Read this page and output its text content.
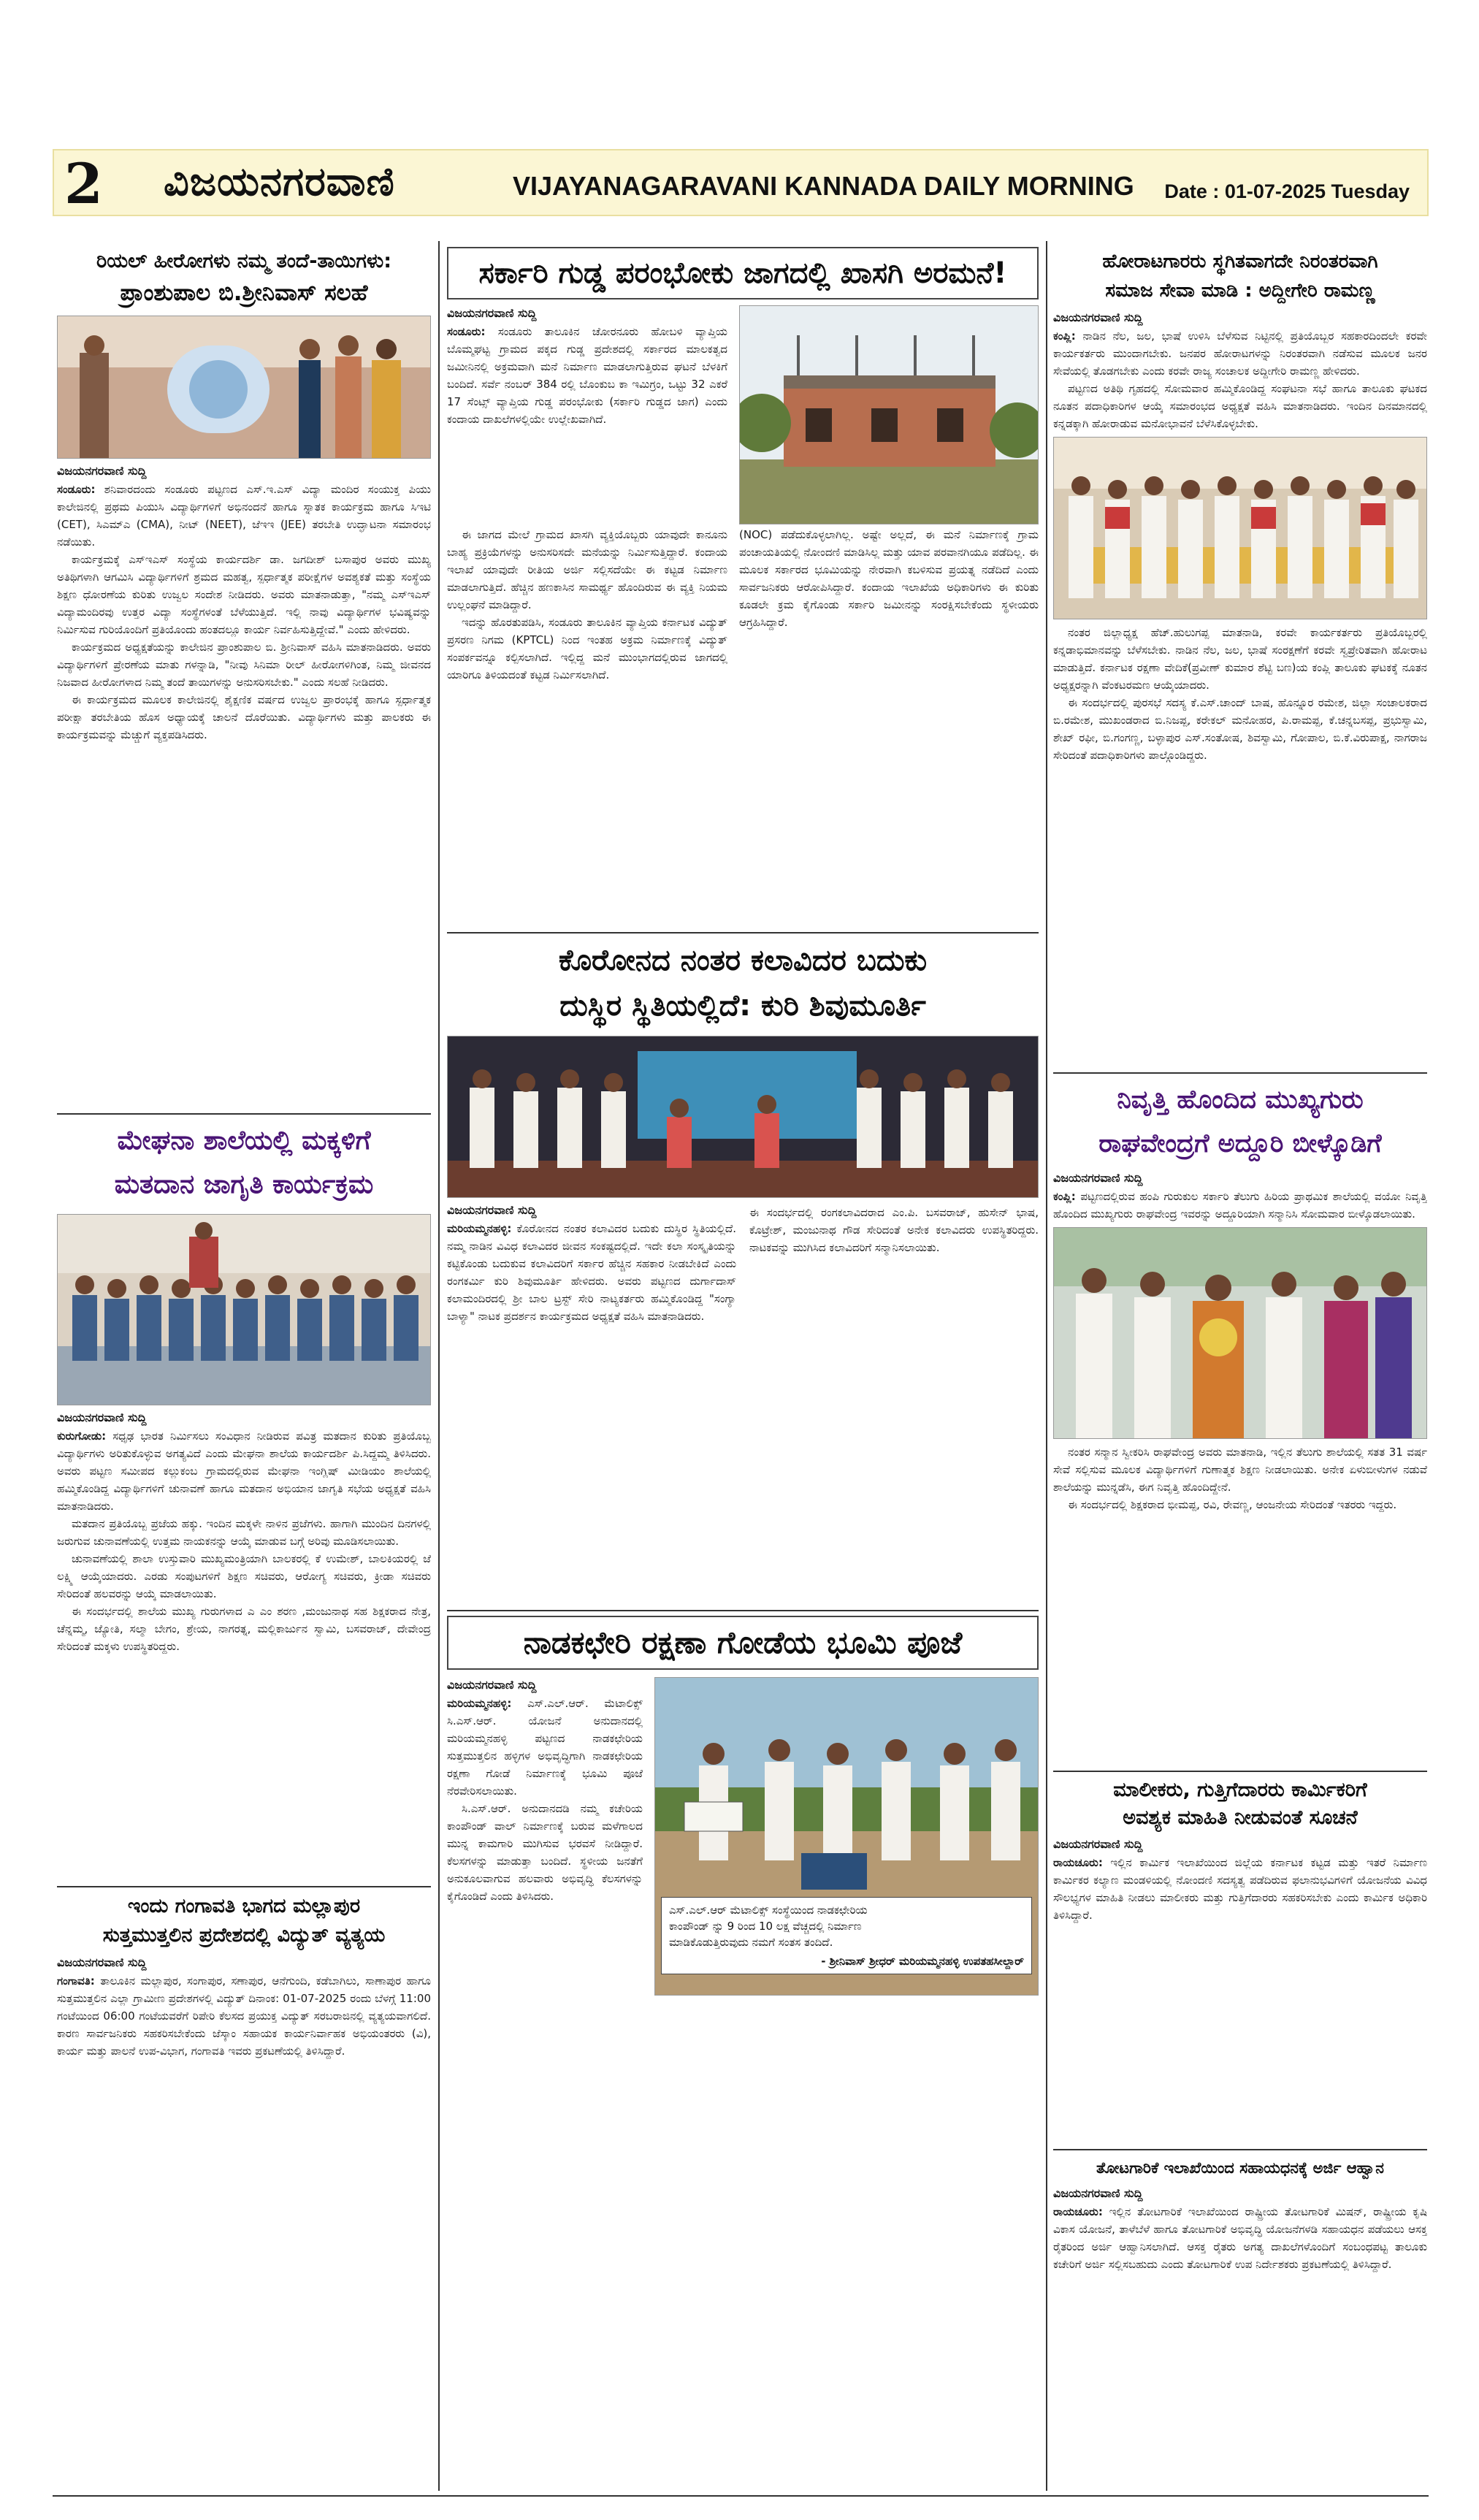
2 ವಿಜಯನಗರವಾಣಿ	VIJAYANAGARAVANI KANNADA DAILY MORNING Date : 01-07-2025 Tuesday
ರಿಯಲ್ ಹೀರೋಗಳು ನಮ್ಮ ತಂದೆ-ತಾಯಿಗಳು:
ಪ್ರಾಂಶುಪಾಲ ಬಿ.ಶ್ರೀನಿವಾಸ್ ಸಲಹೆ
ವಿಜಯನಗರವಾಣಿ ಸುದ್ದಿ
ಸಂಡೂರು: ಶನಿವಾರದಂದು ಸಂಡೂರು ಪಟ್ಟಣದ ಎಸ್.ಇ.ಎಸ್ ವಿದ್ಯಾ ಮಂದಿರ ಸಂಯುಕ್ತ ಪಿಯು ಕಾಲೇಜಿನಲ್ಲಿ ಪ್ರಥಮ ಪಿಯುಸಿ ವಿದ್ಯಾರ್ಥಿಗಳಿಗೆ ಅಭಿನಂದನೆ ಹಾಗೂ ಸ್ನಾತಕ ಕಾರ್ಯಕ್ರಮ ಹಾಗೂ ಸಿಇಟಿ (CET), ಸಿಎಮ್ಎ (CMA), ನೀಟ್ (NEET), ಜೆಇಇ (JEE) ತರಬೇತಿ ಉದ್ಘಾಟನಾ ಸಮಾರಂಭ ನಡೆಯಿತು.
ಕಾರ್ಯಕ್ರಮಕ್ಕೆ ಎಸ್‌ಇಎಸ್ ಸಂಸ್ಥೆಯ ಕಾರ್ಯದರ್ಶಿ ಡಾ. ಜಗದೀಶ್ ಬಸಾಪುರ ಅವರು ಮುಖ್ಯ ಅತಿಥಿಗಳಾಗಿ ಆಗಮಿಸಿ ವಿದ್ಯಾರ್ಥಿಗಳಿಗೆ ಶ್ರಮದ ಮಹತ್ವ, ಸ್ಪರ್ಧಾತ್ಮಕ ಪರೀಕ್ಷೆಗಳ ಅವಶ್ಯಕತೆ ಮತ್ತು ಸಂಸ್ಥೆಯ ಶಿಕ್ಷಣ ಧೋರಣೆಯ ಕುರಿತು ಉಜ್ವಲ ಸಂದೇಶ ನೀಡಿದರು. ಅವರು ಮಾತನಾಡುತ್ತಾ, "ನಮ್ಮ ಎಸ್‌ಇಎಸ್ ವಿದ್ಯಾಮಂದಿರವು ಉತ್ತರ ವಿದ್ಯಾ ಸಂಸ್ಥೆಗಳಂತೆ ಬೆಳೆಯುತ್ತಿದೆ. ಇಲ್ಲಿ ನಾವು ವಿದ್ಯಾರ್ಥಿಗಳ ಭವಿಷ್ಯವನ್ನು ನಿರ್ಮಿಸುವ ಗುರಿಯೊಂದಿಗೆ ಪ್ರತಿಯೊಂದು ಹಂತದಲ್ಲೂ ಕಾರ್ಯ ನಿರ್ವಹಿಸುತ್ತಿದ್ದೇವೆ." ಎಂದು ಹೇಳಿದರು.
ಕಾರ್ಯಕ್ರಮದ ಅಧ್ಯಕ್ಷತೆಯನ್ನು ಕಾಲೇಜಿನ ಪ್ರಾಂಶುಪಾಲ ಬಿ. ಶ್ರೀನಿವಾಸ್ ವಹಿಸಿ ಮಾತನಾಡಿದರು. ಅವರು ವಿದ್ಯಾರ್ಥಿಗಳಿಗೆ ಪ್ರೇರಣೆಯ ಮಾತು ಗಳನ್ನಾಡಿ, "ನೀವು ಸಿನಿಮಾ ರೀಲ್ ಹೀರೋಗಳಿಗಿಂತ, ನಿಮ್ಮ ಜೀವನದ ನಿಜವಾದ ಹೀರೋಗಳಾದ ನಿಮ್ಮ ತಂದೆ ತಾಯಿಗಳನ್ನು ಅನುಸರಿಸಬೇಕು." ಎಂದು ಸಲಹೆ ನೀಡಿದರು.
ಈ ಕಾರ್ಯಕ್ರಮದ ಮೂಲಕ ಕಾಲೇಜಿನಲ್ಲಿ ಶೈಕ್ಷಣಿಕ ವರ್ಷದ ಉಜ್ವಲ ಪ್ರಾರಂಭಕ್ಕೆ ಹಾಗೂ ಸ್ಪರ್ಧಾತ್ಮಕ ಪರೀಕ್ಷಾ ತರಬೇತಿಯ ಹೊಸ ಅಧ್ಯಾಯಕ್ಕೆ ಚಾಲನೆ ದೊರೆಯಿತು. ವಿದ್ಯಾರ್ಥಿಗಳು ಮತ್ತು ಪಾಲಕರು ಈ ಕಾರ್ಯಕ್ರಮವನ್ನು ಮೆಚ್ಚುಗೆ ವ್ಯಕ್ತಪಡಿಸಿದರು.
ಮೇಘನಾ ಶಾಲೆಯಲ್ಲಿ ಮಕ್ಕಳಿಗೆ
ಮತದಾನ ಜಾಗೃತಿ ಕಾರ್ಯಕ್ರಮ
ವಿಜಯನಗರವಾಣಿ ಸುದ್ದಿ
ಕುರುಗೋಡು: ಸಧೃಢ ಭಾರತ ನಿರ್ಮಿಸಲು ಸಂವಿಧಾನ ನೀಡಿರುವ ಪವಿತ್ರ ಮತದಾನ ಕುರಿತು ಪ್ರತಿಯೊಬ್ಬ ವಿದ್ಯಾರ್ಥಿಗಳು ಅರಿತುಕೊಳ್ಳುವ ಅಗತ್ಯವಿದೆ ಎಂದು ಮೇಘನಾ ಶಾಲೆಯ ಕಾರ್ಯದರ್ಶಿ ಪಿ.ಸಿದ್ದಮ್ಮ ತಿಳಿಸಿದರು. ಅವರು ಪಟ್ಟಣ ಸಮೀಪದ ಕಲ್ಲುಕಂಬ ಗ್ರಾಮದಲ್ಲಿರುವ ಮೇಘನಾ ಇಂಗ್ಲಿಷ್ ಮೀಡಿಯಂ ಶಾಲೆಯಲ್ಲಿ ಹಮ್ಮಿಕೊಂಡಿದ್ದ ವಿದ್ಯಾರ್ಥಿಗಳಿಗೆ ಚುನಾವಣೆ ಹಾಗೂ ಮತದಾನ ಅಭಿಯಾನ ಜಾಗೃತಿ ಸಭೆಯ ಅಧ್ಯಕ್ಷತೆ ವಹಿಸಿ ಮಾತನಾಡಿದರು.
ಮತದಾನ ಪ್ರತಿಯೊಬ್ಬ ಪ್ರಜೆಯ ಹಕ್ಕು. ಇಂದಿನ ಮಕ್ಕಳೇ ನಾಳಿನ ಪ್ರಜೆಗಳು. ಹಾಗಾಗಿ ಮುಂದಿನ ದಿನಗಳಲ್ಲಿ ಜರುಗುವ ಚುನಾವಣೆಯಲ್ಲಿ ಉತ್ತಮ ನಾಯಕನನ್ನು ಆಯ್ಕೆ ಮಾಡುವ ಬಗ್ಗೆ ಅರಿವು ಮೂಡಿಸಲಾಯಿತು.
ಚುನಾವಣೆಯಲ್ಲಿ ಶಾಲಾ ಉಸ್ತುವಾರಿ ಮುಖ್ಯಮಂತ್ರಿಯಾಗಿ ಬಾಲಕರಲ್ಲಿ ಕೆ ಉಮೇಶ್, ಬಾಲಕಿಯರಲ್ಲಿ ಜೆ ಲಕ್ಷ್ಮಿ ಆಯ್ಕೆಯಾದರು. ಎರಡು ಸಂಪುಟಗಳಿಗೆ ಶಿಕ್ಷಣ ಸಚಿವರು, ಆರೋಗ್ಯ ಸಚಿವರು, ಕ್ರೀಡಾ ಸಚಿವರು ಸೇರಿದಂತೆ ಹಲವರನ್ನು ಆಯ್ಕೆ ಮಾಡಲಾಯಿತು.
ಈ ಸಂದರ್ಭದಲ್ಲಿ ಶಾಲೆಯ ಮುಖ್ಯ ಗುರುಗಳಾದ ಎ ಎಂ ಶರಣ ,ಮಂಜುನಾಥ ಸಹ ಶಿಕ್ಷಕರಾದ ನೇತ್ರ, ಚೆನ್ನಮ್ಮ, ಜ್ಯೋತಿ, ಸಲ್ಮಾ ಬೇಗಂ, ಶ್ರೇಯ, ನಾಗರತ್ನ, ಮಲ್ಲಿಕಾರ್ಜುನ ಸ್ವಾಮಿ, ಬಸವರಾಜ್, ದೇವೇಂದ್ರ ಸೇರಿದಂತೆ ಮಕ್ಕಳು ಉಪಸ್ಥಿತರಿದ್ದರು.
ಇಂದು ಗಂಗಾವತಿ ಭಾಗದ ಮಲ್ಲಾಪುರ
ಸುತ್ತಮುತ್ತಲಿನ ಪ್ರದೇಶದಲ್ಲಿ ವಿದ್ಯುತ್ ವ್ಯತ್ಯಯ
ವಿಜಯನಗರವಾಣಿ ಸುದ್ದಿ
ಗಂಗಾವತಿ: ತಾಲೂಕಿನ ಮಲ್ಲಾಪುರ, ಸಂಗಾಪುರ, ಸಣಾಪುರ, ಆನೆಗುಂದಿ, ಕಡೆಬಾಗಿಲು, ಸಾಣಾಪುರ ಹಾಗೂ ಸುತ್ತಮುತ್ತಲಿನ ಎಲ್ಲಾ ಗ್ರಾಮೀಣ ಪ್ರದೇಶಗಳಲ್ಲಿ ವಿದ್ಯುತ್ ದಿನಾಂಕ: 01-07-2025 ರಂದು ಬೆಳಗ್ಗೆ 11:00 ಗಂಟೆಯಿಂದ 06:00 ಗಂಟೆಯವರೆಗೆ ರಿಪೇರಿ ಕೆಲಸದ ಪ್ರಯುಕ್ತ ವಿದ್ಯುತ್ ಸರಬರಾಜಿನಲ್ಲಿ ವ್ಯತ್ಯಯವಾಗಲಿದೆ. ಕಾರಣ ಸಾರ್ವಜನಿಕರು ಸಹಕರಿಸಬೇಕೆಂದು ಜೆಸ್ಕಾಂ ಸಹಾಯಕ ಕಾರ್ಯನಿರ್ವಾಹಕ ಅಭಿಯಂತರರು (ವಿ), ಕಾರ್ಯ ಮತ್ತು ಪಾಲನೆ ಉಪ-ವಿಭಾಗ, ಗಂಗಾವತಿ ಇವರು ಪ್ರಕಟಣೆಯಲ್ಲಿ ತಿಳಿಸಿದ್ದಾರೆ.
ಸರ್ಕಾರಿ ಗುಡ್ಡ ಪರಂಭೋಕು ಜಾಗದಲ್ಲಿ ಖಾಸಗಿ ಅರಮನೆ!
ವಿಜಯನಗರವಾಣಿ ಸುದ್ದಿ
ಸಂಡೂರು: ಸಂಡೂರು ತಾಲೂಕಿನ ಚೋರನೂರು ಹೋಬಳಿ ವ್ಯಾಪ್ತಿಯ ಬೊಮ್ಮಘಟ್ಟ ಗ್ರಾಮದ ಪಕ್ಕದ ಗುಡ್ಡ ಪ್ರದೇಶದಲ್ಲಿ ಸರ್ಕಾರದ ಮಾಲಕತ್ವದ ಜಮೀನಿನಲ್ಲಿ ಅಕ್ರಮವಾಗಿ ಮನೆ ನಿರ್ಮಾಣ ಮಾಡಲಾಗುತ್ತಿರುವ ಘಟನೆ ಬೆಳಕಿಗೆ ಬಂದಿದೆ. ಸರ್ವೆ ನಂಬರ್ 384 ರಲ್ಲಿ ಬೊಂಕುಬ ಕಾ ಇಮಿಗ್ರಂ, ಒಟ್ಟು 32 ಎಕರೆ 17 ಸೆಂಟ್ಸ್ ವ್ಯಾಪ್ತಿಯ ಗುಡ್ಡ ಪರಂಭೋಕು (ಸರ್ಕಾರಿ ಗುಡ್ಡದ ಜಾಗ) ಎಂದು ಕಂದಾಯ ದಾಖಲೆಗಳಲ್ಲಿಯೇ ಉಲ್ಲೇಖವಾಗಿದೆ.
ಈ ಜಾಗದ ಮೇಲೆ ಗ್ರಾಮದ ಖಾಸಗಿ ವ್ಯಕ್ತಿಯೊಬ್ಬರು ಯಾವುದೇ ಕಾನೂನು ಬಾಹ್ಯ ಪ್ರಕ್ರಿಯೆಗಳನ್ನು ಅನುಸರಿಸದೇ ಮನೆಯನ್ನು ನಿರ್ಮಿಸುತ್ತಿದ್ದಾರೆ. ಕಂದಾಯ ಇಲಾಖೆ ಯಾವುದೇ ರೀತಿಯ ಅರ್ಜಿ ಸಲ್ಲಿಸದೆಯೇ ಈ ಕಟ್ಟಡ ನಿರ್ಮಾಣ ಮಾಡಲಾಗುತ್ತಿದೆ. ಹೆಚ್ಚಿನ ಹಣಕಾಸಿನ ಸಾಮರ್ಥ್ಯ ಹೊಂದಿರುವ ಈ ವ್ಯಕ್ತಿ ನಿಯಮ ಉಲ್ಲಂಘನೆ ಮಾಡಿದ್ದಾರೆ.
ಇದನ್ನು ಹೊರತುಪಡಿಸಿ, ಸಂಡೂರು ತಾಲೂಕಿನ ವ್ಯಾಪ್ತಿಯ ಕರ್ನಾಟಕ ವಿದ್ಯುತ್ ಪ್ರಸರಣ ನಿಗಮ (KPTCL) ನಿಂದ ಇಂತಹ ಅಕ್ರಮ ನಿರ್ಮಾಣಕ್ಕೆ ವಿದ್ಯುತ್ ಸಂಪರ್ಕವನ್ನೂ ಕಲ್ಪಿಸಲಾಗಿದೆ. ಇಲ್ಲಿದ್ದ ಮನೆ ಮುಂಭಾಗದಲ್ಲಿರುವ ಜಾಗದಲ್ಲಿ ಯಾರಿಗೂ ತಿಳಿಯದಂತೆ ಕಟ್ಟಡ ನಿರ್ಮಿಸಲಾಗಿದೆ.
(NOC) ಪಡೆದುಕೊಳ್ಳಲಾಗಿಲ್ಲ. ಅಷ್ಟೇ ಅಲ್ಲದೆ, ಈ ಮನೆ ನಿರ್ಮಾಣಕ್ಕೆ ಗ್ರಾಮ ಪಂಚಾಯತಿಯಲ್ಲಿ ನೋಂದಣಿ ಮಾಡಿಸಿಲ್ಲ ಮತ್ತು ಯಾವ ಪರವಾನಗಿಯೂ ಪಡೆದಿಲ್ಲ. ಈ ಮೂಲಕ ಸರ್ಕಾರದ ಭೂಮಿಯನ್ನು ನೇರವಾಗಿ ಕಬಳಿಸುವ ಪ್ರಯತ್ನ ನಡೆದಿದೆ ಎಂದು ಸಾರ್ವಜನಿಕರು ಆರೋಪಿಸಿದ್ದಾರೆ. ಕಂದಾಯ ಇಲಾಖೆಯ ಅಧಿಕಾರಿಗಳು ಈ ಕುರಿತು ಕೂಡಲೇ ಕ್ರಮ ಕೈಗೊಂಡು ಸರ್ಕಾರಿ ಜಮೀನನ್ನು ಸಂರಕ್ಷಿಸಬೇಕೆಂದು ಸ್ಥಳೀಯರು ಆಗ್ರಹಿಸಿದ್ದಾರೆ.
ಕೊರೋನದ ನಂತರ ಕಲಾವಿದರ ಬದುಕು
ದುಸ್ಥಿರ ಸ್ಥಿತಿಯಲ್ಲಿದೆ: ಕುರಿ ಶಿವುಮೂರ್ತಿ
ವಿಜಯನಗರವಾಣಿ ಸುದ್ದಿ
ಮರಿಯಮ್ಮನಹಳ್ಳಿ: ಕೊರೋನದ ನಂತರ ಕಲಾವಿದರ ಬದುಕು ದುಸ್ಥಿರ ಸ್ಥಿತಿಯಲ್ಲಿದೆ. ನಮ್ಮ ನಾಡಿನ ವಿವಿಧ ಕಲಾವಿದರ ಜೀವನ ಸಂಕಷ್ಟದಲ್ಲಿದೆ. ಇದೇ ಕಲಾ ಸಂಸ್ಕೃತಿಯನ್ನು ಕಟ್ಟಿಕೊಂಡು ಬದುಕುವ ಕಲಾವಿದರಿಗೆ ಸರ್ಕಾರ ಹೆಚ್ಚಿನ ಸಹಕಾರ ನೀಡಬೇಕಿದೆ ಎಂದು ರಂಗಕರ್ಮಿ ಕುರಿ ಶಿವುಮೂರ್ತಿ ಹೇಳಿದರು. ಅವರು ಪಟ್ಟಣದ ದುರ್ಗಾದಾಸ್ ಕಲಾಮಂದಿರದಲ್ಲಿ ಶ್ರೀ ಬಾಲ ಟ್ರಸ್ಟ್ ಸೇರಿ ನಾಟ್ಯಕರ್ತರು ಹಮ್ಮಿಕೊಂಡಿದ್ದ "ಸಂಗ್ಯಾ ಬಾಳ್ಯಾ" ನಾಟಕ ಪ್ರದರ್ಶನ ಕಾರ್ಯಕ್ರಮದ ಅಧ್ಯಕ್ಷತೆ ವಹಿಸಿ ಮಾತನಾಡಿದರು.
ಈ ಸಂದರ್ಭದಲ್ಲಿ ರಂಗಕಲಾವಿದರಾದ ಎಂ.ಪಿ. ಬಸವರಾಜ್, ಹುಸೇನ್ ಭಾಷ, ಕೊಟ್ರೇಶ್, ಮಂಜುನಾಥ ಗೌಡ ಸೇರಿದಂತೆ ಅನೇಕ ಕಲಾವಿದರು ಉಪಸ್ಥಿತರಿದ್ದರು. ನಾಟಕವನ್ನು ಮುಗಿಸಿದ ಕಲಾವಿದರಿಗೆ ಸನ್ಮಾನಿಸಲಾಯಿತು.
ನಾಡಕಛೇರಿ ರಕ್ಷಣಾ ಗೋಡೆಯ ಭೂಮಿ ಪೂಜೆ
ವಿಜಯನಗರವಾಣಿ ಸುದ್ದಿ
ಮರಿಯಮ್ಮನಹಳ್ಳಿ: ಎಸ್.ಎಲ್.ಆರ್. ಮೆಟಾಲಿಕ್ಸ್ ಸಿ.ಎಸ್.ಆರ್. ಯೋಜನೆ ಅನುದಾನದಲ್ಲಿ ಮರಿಯಮ್ಮನಹಳ್ಳಿ ಪಟ್ಟಣದ ನಾಡಕಛೇರಿಯ ಸುತ್ತಮುತ್ತಲಿನ ಹಳ್ಳಿಗಳ ಅಭಿವೃದ್ಧಿಗಾಗಿ ನಾಡಕಛೇರಿಯ ರಕ್ಷಣಾ ಗೋಡೆ ನಿರ್ಮಾಣಕ್ಕೆ ಭೂಮಿ ಪೂಜೆ ನೆರವೇರಿಸಲಾಯಿತು.
ಸಿ.ಎಸ್.ಆರ್. ಅನುದಾನದಡಿ ನಮ್ಮ ಕಚೇರಿಯ ಕಾಂಪೌಂಡ್ ವಾಲ್ ನಿರ್ಮಾಣಕ್ಕೆ ಬರುವ ಮಳೆಗಾಲದ ಮುನ್ನ ಕಾಮಗಾರಿ ಮುಗಿಸುವ ಭರವಸೆ ನೀಡಿದ್ದಾರೆ. ಕೆಲಸಗಳನ್ನು ಮಾಡುತ್ತಾ ಬಂದಿದೆ. ಸ್ಥಳೀಯ ಜನತೆಗೆ ಅನುಕೂಲವಾಗುವ ಹಲವಾರು ಅಭಿವೃದ್ಧಿ ಕೆಲಸಗಳನ್ನು ಕೈಗೊಂಡಿದೆ ಎಂದು ತಿಳಿಸಿದರು.
ಎಸ್.ಎಲ್.ಆರ್ ಮೆಟಾಲಿಕ್ಸ್ ಸಂಸ್ಥೆಯಿಂದ ನಾಡಕಛೇರಿಯ
ಕಾಂಪೌಂಡ್ ನ್ನು 9 ರಿಂದ 10 ಲಕ್ಷ ವೆಚ್ಚದಲ್ಲಿ ನಿರ್ಮಾಣ
ಮಾಡಿಕೊಡುತ್ತಿರುವುದು ನಮಗೆ ಸಂತಸ ತಂದಿದೆ.
- ಶ್ರೀನಿವಾಸ್ ಶ್ರೀಧರ್ ಮರಿಯಮ್ಮನಹಳ್ಳಿ ಉಪತಹಸೀಲ್ದಾರ್
ಹೋರಾಟಗಾರರು ಸ್ಥಗಿತವಾಗದೇ ನಿರಂತರವಾಗಿ
ಸಮಾಜ ಸೇವಾ ಮಾಡಿ : ಅದ್ದೀಗೇರಿ ರಾಮಣ್ಣ
ವಿಜಯನಗರವಾಣಿ ಸುದ್ದಿ
ಕಂಪ್ಲಿ: ನಾಡಿನ ನೆಲ, ಜಲ, ಭಾಷೆ ಉಳಿಸಿ ಬೆಳೆಸುವ ನಿಟ್ಟಿನಲ್ಲಿ ಪ್ರತಿಯೊಬ್ಬರ ಸಹಕಾರದಿಂದಲೇ ಕರವೇ ಕಾರ್ಯಕರ್ತರು ಮುಂದಾಗಬೇಕು. ಜನಪರ ಹೋರಾಟಗಳನ್ನು ನಿರಂತರವಾಗಿ ನಡೆಸುವ ಮೂಲಕ ಜನರ ಸೇವೆಯಲ್ಲಿ ತೊಡಗಬೇಕು ಎಂದು ಕರವೇ ರಾಜ್ಯ ಸಂಚಾಲಕ ಅದ್ದೀಗೇರಿ ರಾಮಣ್ಣ ಹೇಳಿದರು.
ಪಟ್ಟಣದ ಅತಿಥಿ ಗೃಹದಲ್ಲಿ ಸೋಮವಾರ ಹಮ್ಮಿಕೊಂಡಿದ್ದ ಸಂಘಟನಾ ಸಭೆ ಹಾಗೂ ತಾಲೂಕು ಘಟಕದ ನೂತನ ಪದಾಧಿಕಾರಿಗಳ ಆಯ್ಕೆ ಸಮಾರಂಭದ ಅಧ್ಯಕ್ಷತೆ ವಹಿಸಿ ಮಾತನಾಡಿದರು. ಇಂದಿನ ದಿನಮಾನದಲ್ಲಿ ಕನ್ನಡಕ್ಕಾಗಿ ಹೋರಾಡುವ ಮನೋಭಾವನೆ ಬೆಳೆಸಿಕೊಳ್ಳಬೇಕು.
ನಂತರ ಜಿಲ್ಲಾಧ್ಯಕ್ಷ ಹೆಚ್.ಹುಲುಗಪ್ಪ ಮಾತನಾಡಿ, ಕರವೇ ಕಾರ್ಯಕರ್ತರು ಪ್ರತಿಯೊಬ್ಬರಲ್ಲಿ ಕನ್ನಡಾಭಿಮಾನವನ್ನು ಬೆಳೆಸಬೇಕು. ನಾಡಿನ ನೆಲ, ಜಲ, ಭಾಷೆ ಸಂರಕ್ಷಣೆಗೆ ಕರವೇ ಸ್ವಪ್ರೇರಿತವಾಗಿ ಹೋರಾಟ ಮಾಡುತ್ತಿದೆ. ಕರ್ನಾಟಕ ರಕ್ಷಣಾ ವೇದಿಕೆ(ಪ್ರವೀಣ್ ಕುಮಾರ ಶೆಟ್ಟಿ ಬಣ)ಯ ಕಂಪ್ಲಿ ತಾಲೂಕು ಘಟಕಕ್ಕೆ ನೂತನ ಅಧ್ಯಕ್ಷರನ್ನಾಗಿ ವೆಂಕಟರಮಣ ಆಯ್ಕೆಯಾದರು.
ಈ ಸಂದರ್ಭದಲ್ಲಿ ಪುರಸಭೆ ಸದಸ್ಯ ಕೆ.ಎಸ್.ಚಾಂದ್ ಬಾಷ, ಹೊನ್ನೂರ ರಮೇಶ, ಜಿಲ್ಲಾ ಸಂಚಾಲಕರಾದ ಬಿ.ರಮೇಶ, ಮುಖಂಡರಾದ ಬಿ.ನಿಜಪ್ಪ, ಕರೇಕಲ್ ಮನೋಹರ, ಪಿ.ರಾಮಪ್ಪ, ಕೆ.ಚನ್ನಬಸಪ್ಪ, ಪ್ರಭುಸ್ವಾಮಿ, ಶೇಖ್ ರಫೀ, ಬಿ.ಗಂಗಣ್ಣ, ಬಳ್ಳಾಪುರ ಎಸ್.ಸಂತೋಷ, ಶಿವಸ್ವಾಮಿ, ಗೋಪಾಲ, ಬಿ.ಕೆ.ವಿರುಪಾಕ್ಷ, ನಾಗರಾಜ ಸೇರಿದಂತೆ ಪದಾಧಿಕಾರಿಗಳು ಪಾಲ್ಗೊಂಡಿದ್ದರು.
ನಿವೃತ್ತಿ ಹೊಂದಿದ ಮುಖ್ಯಗುರು
ರಾಘವೇಂದ್ರಗೆ ಅದ್ದೂರಿ ಬೀಳ್ಕೊಡಿಗೆ
ವಿಜಯನಗರವಾಣಿ ಸುದ್ದಿ
ಕಂಪ್ಲಿ: ಪಟ್ಟಣದಲ್ಲಿರುವ ಹಂಪಿ ಗುರುಕುಲ ಸರ್ಕಾರಿ ತೆಲುಗು ಹಿರಿಯ ಪ್ರಾಥಮಿಕ ಶಾಲೆಯಲ್ಲಿ ವಯೋ ನಿವೃತ್ತಿ ಹೊಂದಿದ ಮುಖ್ಯಗುರು ರಾಘವೇಂದ್ರ ಇವರನ್ನು ಅದ್ದೂರಿಯಾಗಿ ಸನ್ಮಾನಿಸಿ ಸೋಮವಾರ ಬೀಳ್ಕೊಡಲಾಯಿತು.
ನಂತರ ಸನ್ಮಾನ ಸ್ವೀಕರಿಸಿ ರಾಘವೇಂದ್ರ ಅವರು ಮಾತನಾಡಿ, ಇಲ್ಲಿನ ತೆಲುಗು ಶಾಲೆಯಲ್ಲಿ ಸತತ 31 ವರ್ಷ ಸೇವೆ ಸಲ್ಲಿಸುವ ಮೂಲಕ ವಿದ್ಯಾರ್ಥಿಗಳಿಗೆ ಗುಣಾತ್ಮಕ ಶಿಕ್ಷಣ ನೀಡಲಾಯಿತು. ಅನೇಕ ಏಳುಬೀಳುಗಳ ನಡುವೆ ಶಾಲೆಯನ್ನು ಮುನ್ನಡೆಸಿ, ಈಗ ನಿವೃತ್ತಿ ಹೊಂದಿದ್ದೇನೆ.
ಈ ಸಂದರ್ಭದಲ್ಲಿ ಶಿಕ್ಷಕರಾದ ಭೀಮಪ್ಪ, ರವಿ, ರೇವಣ್ಣ, ಆಂಜನೇಯ ಸೇರಿದಂತೆ ಇತರರು ಇದ್ದರು.
ಮಾಲೀಕರು, ಗುತ್ತಿಗೆದಾರರು ಕಾರ್ಮಿಕರಿಗೆ
ಅವಶ್ಯಕ ಮಾಹಿತಿ ನೀಡುವಂತೆ ಸೂಚನೆ
ವಿಜಯನಗರವಾಣಿ ಸುದ್ದಿ
ರಾಯಚೂರು: ಇಲ್ಲಿನ ಕಾರ್ಮಿಕ ಇಲಾಖೆಯಿಂದ ಜಿಲ್ಲೆಯ ಕರ್ನಾಟಕ ಕಟ್ಟಡ ಮತ್ತು ಇತರೆ ನಿರ್ಮಾಣ ಕಾರ್ಮಿಕರ ಕಲ್ಯಾಣ ಮಂಡಳಿಯಲ್ಲಿ ನೋಂದಣಿ ಸದಸ್ಯತ್ವ ಪಡೆದಿರುವ ಫಲಾನುಭವಿಗಳಿಗೆ ಯೋಜನೆಯ ವಿವಿಧ ಸೌಲಭ್ಯಗಳ ಮಾಹಿತಿ ನೀಡಲು ಮಾಲೀಕರು ಮತ್ತು ಗುತ್ತಿಗೆದಾರರು ಸಹಕರಿಸಬೇಕು ಎಂದು ಕಾರ್ಮಿಕ ಅಧಿಕಾರಿ ತಿಳಿಸಿದ್ದಾರೆ.
ತೋಟಗಾರಿಕೆ ಇಲಾಖೆಯಿಂದ ಸಹಾಯಧನಕ್ಕೆ ಅರ್ಜಿ ಆಹ್ವಾನ
ವಿಜಯನಗರವಾಣಿ ಸುದ್ದಿ
ರಾಯಚೂರು: ಇಲ್ಲಿನ ತೋಟಗಾರಿಕೆ ಇಲಾಖೆಯಿಂದ ರಾಷ್ಟ್ರೀಯ ತೋಟಗಾರಿಕೆ ಮಿಷನ್, ರಾಷ್ಟ್ರೀಯ ಕೃಷಿ ವಿಕಾಸ ಯೋಜನೆ, ತಾಳೆಬೆಳೆ ಹಾಗೂ ತೋಟಗಾರಿಕೆ ಅಭಿವೃದ್ಧಿ ಯೋಜನೆಗಳಡಿ ಸಹಾಯಧನ ಪಡೆಯಲು ಆಸಕ್ತ ರೈತರಿಂದ ಅರ್ಜಿ ಆಹ್ವಾನಿಸಲಾಗಿದೆ. ಆಸಕ್ತ ರೈತರು ಅಗತ್ಯ ದಾಖಲೆಗಳೊಂದಿಗೆ ಸಂಬಂಧಪಟ್ಟ ತಾಲೂಕು ಕಚೇರಿಗೆ ಅರ್ಜಿ ಸಲ್ಲಿಸಬಹುದು ಎಂದು ತೋಟಗಾರಿಕೆ ಉಪ ನಿರ್ದೇಶಕರು ಪ್ರಕಟಣೆಯಲ್ಲಿ ತಿಳಿಸಿದ್ದಾರೆ.
